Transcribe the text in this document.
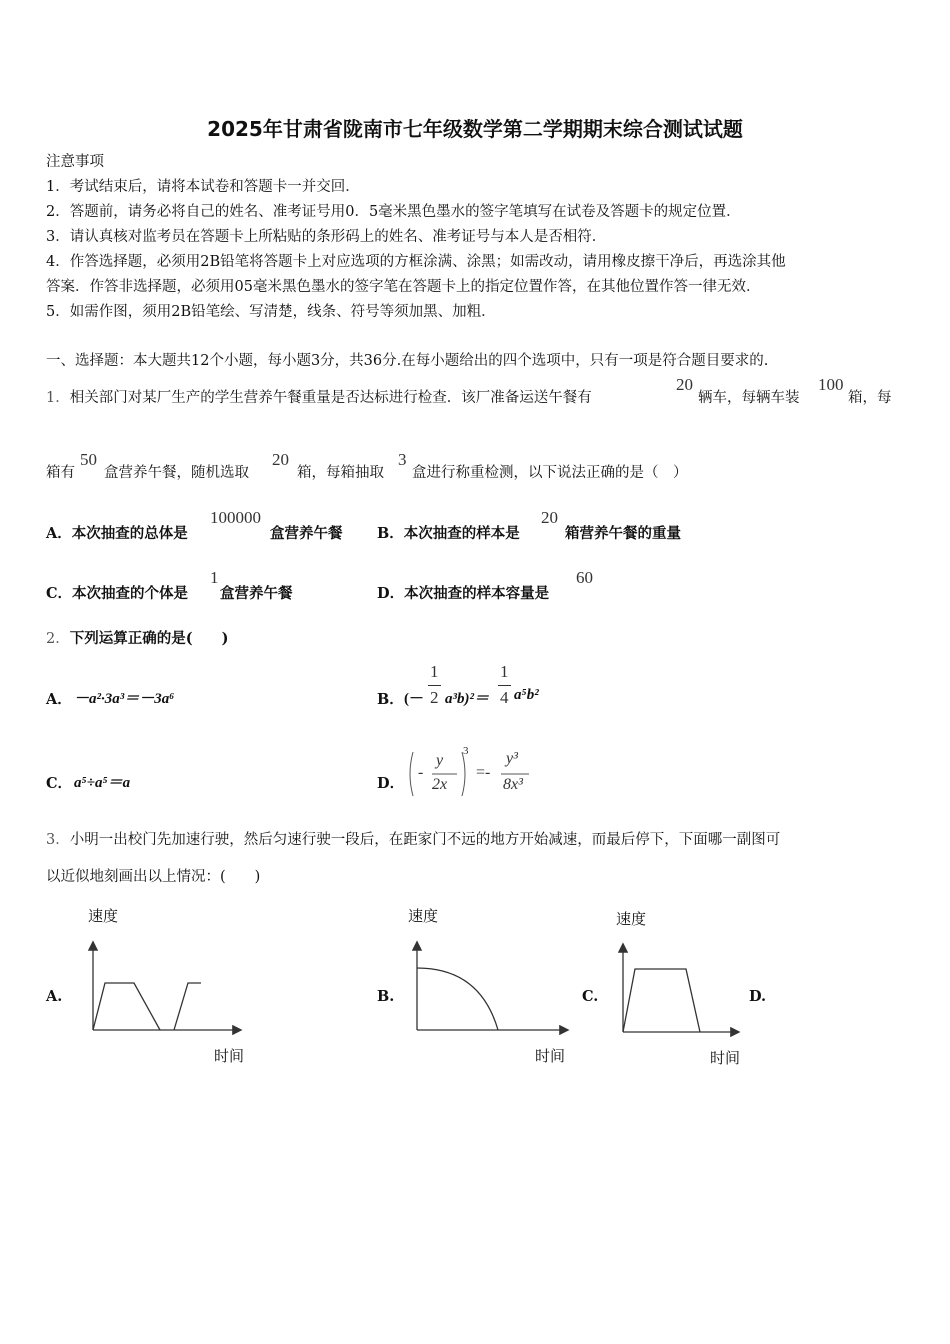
2025年甘肃省陇南市七年级数学第二学期期末综合测试试题
注意事项
1．考试结束后，请将本试卷和答题卡一并交回．
2．答题前，请务必将自己的姓名、准考证号用0．5毫米黑色墨水的签字笔填写在试卷及答题卡的规定位置．
3．请认真核对监考员在答题卡上所粘贴的条形码上的姓名、准考证号与本人是否相符．
4．作答选择题，必须用2B铅笔将答题卡上对应选项的方框涂满、涂黑；如需改动，请用橡皮擦干净后，再选涂其他
答案．作答非选择题，必须用05毫米黑色墨水的签字笔在答题卡上的指定位置作答，在其他位置作答一律无效．
5．如需作图，须用2B铅笔绘、写清楚，线条、符号等须加黑、加粗．
一、选择题：本大题共12个小题，每小题3分，共36分.在每小题给出的四个选项中，只有一项是符合题目要求的.
1．相关部门对某厂生产的学生营养午餐重量是否达标进行检查．该厂准备运送午餐有
20
辆车，每辆车装
100
箱，每
箱有
50
盒营养午餐，随机选取
20
箱，每箱抽取
3
盒进行称重检测，以下说法正确的是（　）
A．本次抽查的总体是
100000
盒营养午餐 B．本次抽查的样本是
20
箱营养午餐的重量
C．本次抽查的个体是
1
盒营养午餐	D．本次抽查的样本容量是
60
2．下列运算正确的是(　　)
A． －a²·3a³＝－3a⁶	B． (－
1
2 a³b)²＝
1
4 a⁵b²
C． a⁵÷a⁵＝a	D．
-
y
2x
3
=-
y³
8x³
3．小明一出校门先加速行驶，然后匀速行驶一段后，在距家门不远的地方开始减速，而最后停下，下面哪一副图可
以近似地刻画出以上情况：(　　)
A.
速度
时间
B.
速度
时间
C.
速度
时间
D.
